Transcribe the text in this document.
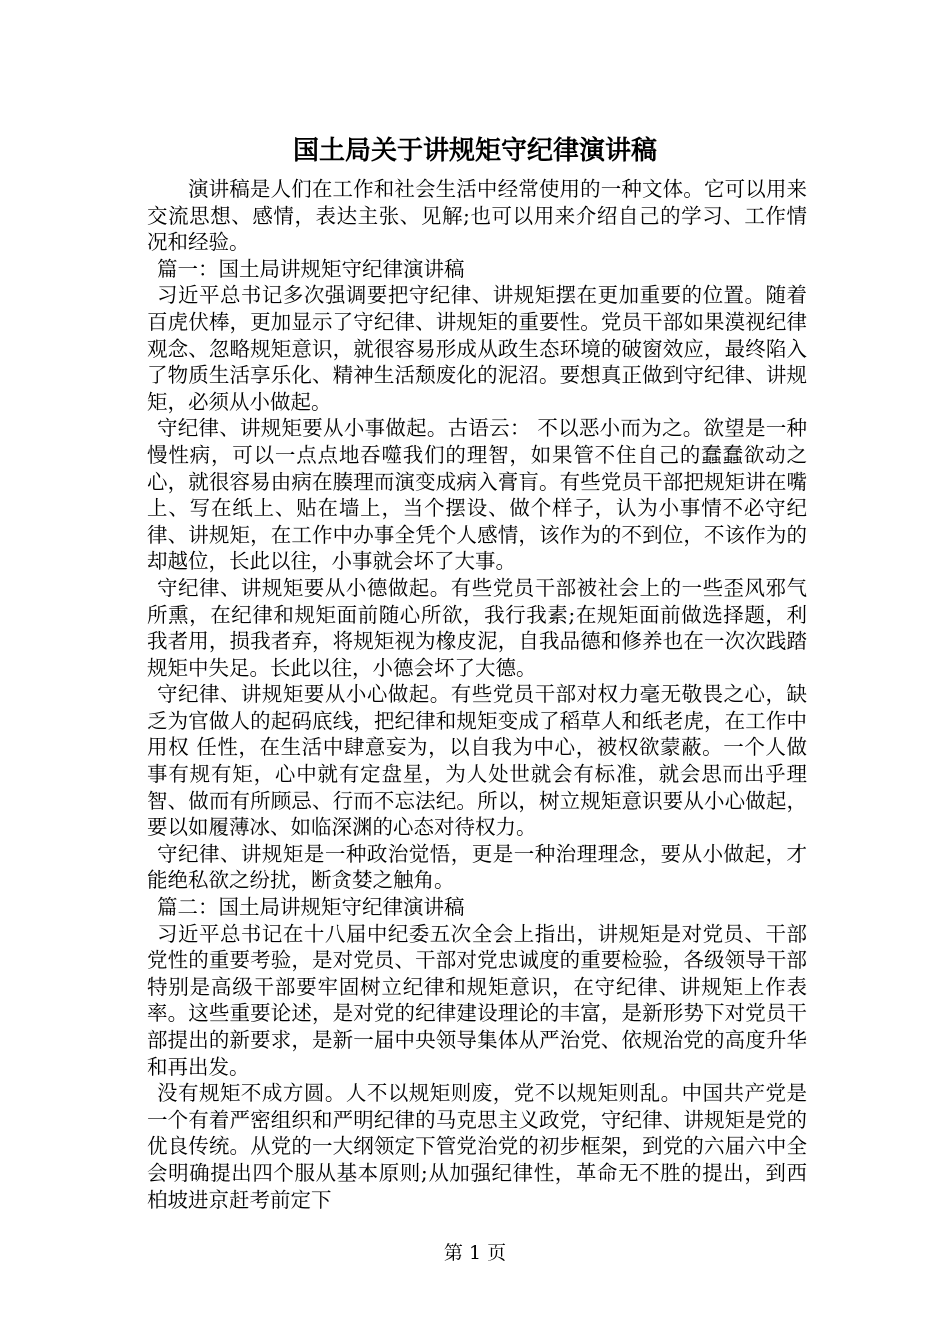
国土局关于讲规矩守纪律演讲稿

演讲稿是人们在工作和社会生活中经常使用的一种文体。它可以用来交流思想、感情，表达主张、见解;也可以用来介绍自己的学习、工作情况和经验。

篇一：国土局讲规矩守纪律演讲稿

习近平总书记多次强调要把守纪律、讲规矩摆在更加重要的位置。随着百虎伏棒，更加显示了守纪律、讲规矩的重要性。党员干部如果漠视纪律观念、忽略规矩意识，就很容易形成从政生态环境的破窗效应，最终陷入了物质生活享乐化、精神生活颓废化的泥沼。要想真正做到守纪律、讲规矩，必须从小做起。

守纪律、讲规矩要从小事做起。古语云： 不以恶小而为之。欲望是一种慢性病，可以一点点地吞噬我们的理智，如果管不住自己的蠢蠢欲动之心，就很容易由病在腠理而演变成病入膏肓。有些党员干部把规矩讲在嘴上、写在纸上、贴在墙上，当个摆设、做个样子，认为小事情不必守纪律、讲规矩，在工作中办事全凭个人感情，该作为的不到位，不该作为的却越位，长此以往，小事就会坏了大事。

守纪律、讲规矩要从小德做起。有些党员干部被社会上的一些歪风邪气所熏，在纪律和规矩面前随心所欲，我行我素;在规矩面前做选择题，利我者用，损我者弃，将规矩视为橡皮泥，自我品德和修养也在一次次践踏规矩中失足。长此以往，小德会坏了大德。

守纪律、讲规矩要从小心做起。有些党员干部对权力毫无敬畏之心，缺乏为官做人的起码底线，把纪律和规矩变成了稻草人和纸老虎，在工作中用权 任性，在生活中肆意妄为，以自我为中心，被权欲蒙蔽。一个人做事有规有矩，心中就有定盘星，为人处世就会有标准，就会思而出乎理智、做而有所顾忌、行而不忘法纪。所以，树立规矩意识要从小心做起，要以如履薄冰、如临深渊的心态对待权力。

守纪律、讲规矩是一种政治觉悟，更是一种治理理念，要从小做起，才能绝私欲之纷扰，断贪婪之触角。

篇二：国土局讲规矩守纪律演讲稿

习近平总书记在十八届中纪委五次全会上指出，讲规矩是对党员、干部党性的重要考验，是对党员、干部对党忠诚度的重要检验，各级领导干部特别是高级干部要牢固树立纪律和规矩意识，在守纪律、讲规矩上作表率。这些重要论述，是对党的纪律建设理论的丰富，是新形势下对党员干部提出的新要求，是新一届中央领导集体从严治党、依规治党的高度升华和再出发。

没有规矩不成方圆。人不以规矩则废，党不以规矩则乱。中国共产党是一个有着严密组织和严明纪律的马克思主义政党，守纪律、讲规矩是党的优良传统。从党的一大纲领定下管党治党的初步框架，到党的六届六中全会明确提出四个服从基本原则;从加强纪律性，革命无不胜的提出，到西柏坡进京赶考前定下

第 1 页
